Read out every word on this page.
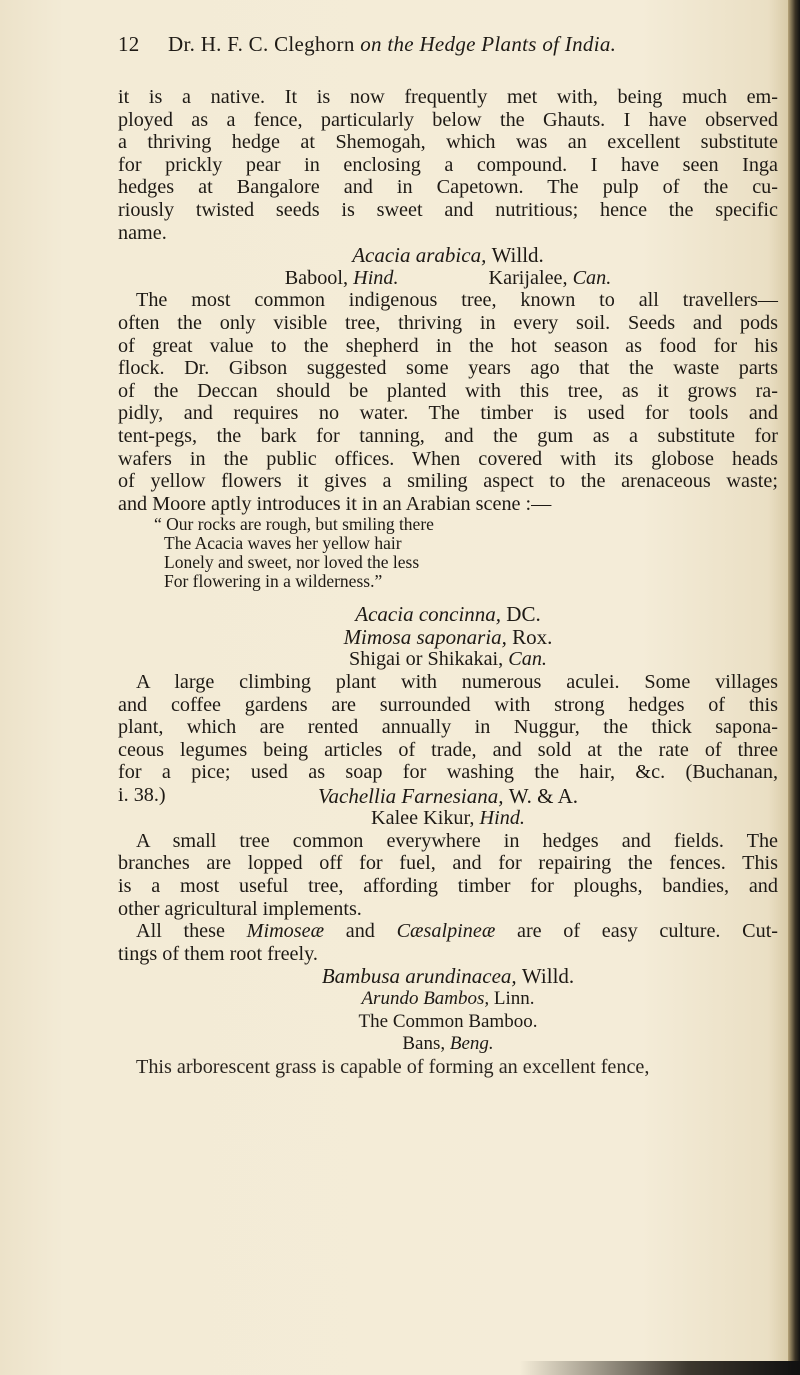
12 Dr. H. F. C. Cleghorn on the Hedge Plants of India.
it is a native. It is now frequently met with, being much em-
ployed as a fence, particularly below the Ghauts. I have observed
a thriving hedge at Shemogah, which was an excellent substitute
for prickly pear in enclosing a compound. I have seen Inga
hedges at Bangalore and in Capetown. The pulp of the cu-
riously twisted seeds is sweet and nutritious; hence the specific
name.
Acacia arabica, Willd.
Babool, Hind.	Karijalee, Can.
The most common indigenous tree, known to all travellers—
often the only visible tree, thriving in every soil. Seeds and pods
of great value to the shepherd in the hot season as food for his
flock. Dr. Gibson suggested some years ago that the waste parts
of the Deccan should be planted with this tree, as it grows ra-
pidly, and requires no water. The timber is used for tools and
tent-pegs, the bark for tanning, and the gum as a substitute for
wafers in the public offices. When covered with its globose heads
of yellow flowers it gives a smiling aspect to the arenaceous waste;
and Moore aptly introduces it in an Arabian scene :—
“ Our rocks are rough, but smiling there
The Acacia waves her yellow hair
Lonely and sweet, nor loved the less
For flowering in a wilderness.”
Acacia concinna, DC.
Mimosa saponaria, Rox.
Shigai or Shikakai, Can.
A large climbing plant with numerous aculei. Some villages
and coffee gardens are surrounded with strong hedges of this
plant, which are rented annually in Nuggur, the thick sapona-
ceous legumes being articles of trade, and sold at the rate of three
for a pice; used as soap for washing the hair, &c. (Buchanan,
i. 38.)	Vachellia Farnesiana, W. & A.
Kalee Kikur, Hind.
A small tree common everywhere in hedges and fields. The
branches are lopped off for fuel, and for repairing the fences. This
is a most useful tree, affording timber for ploughs, bandies, and
other agricultural implements.
All these Mimoseæ and Cæsalpineæ are of easy culture. Cut-
tings of them root freely.
Bambusa arundinacea, Willd.
Arundo Bambos, Linn.
The Common Bamboo.
Bans, Beng.
This arborescent grass is capable of forming an excellent fence,
